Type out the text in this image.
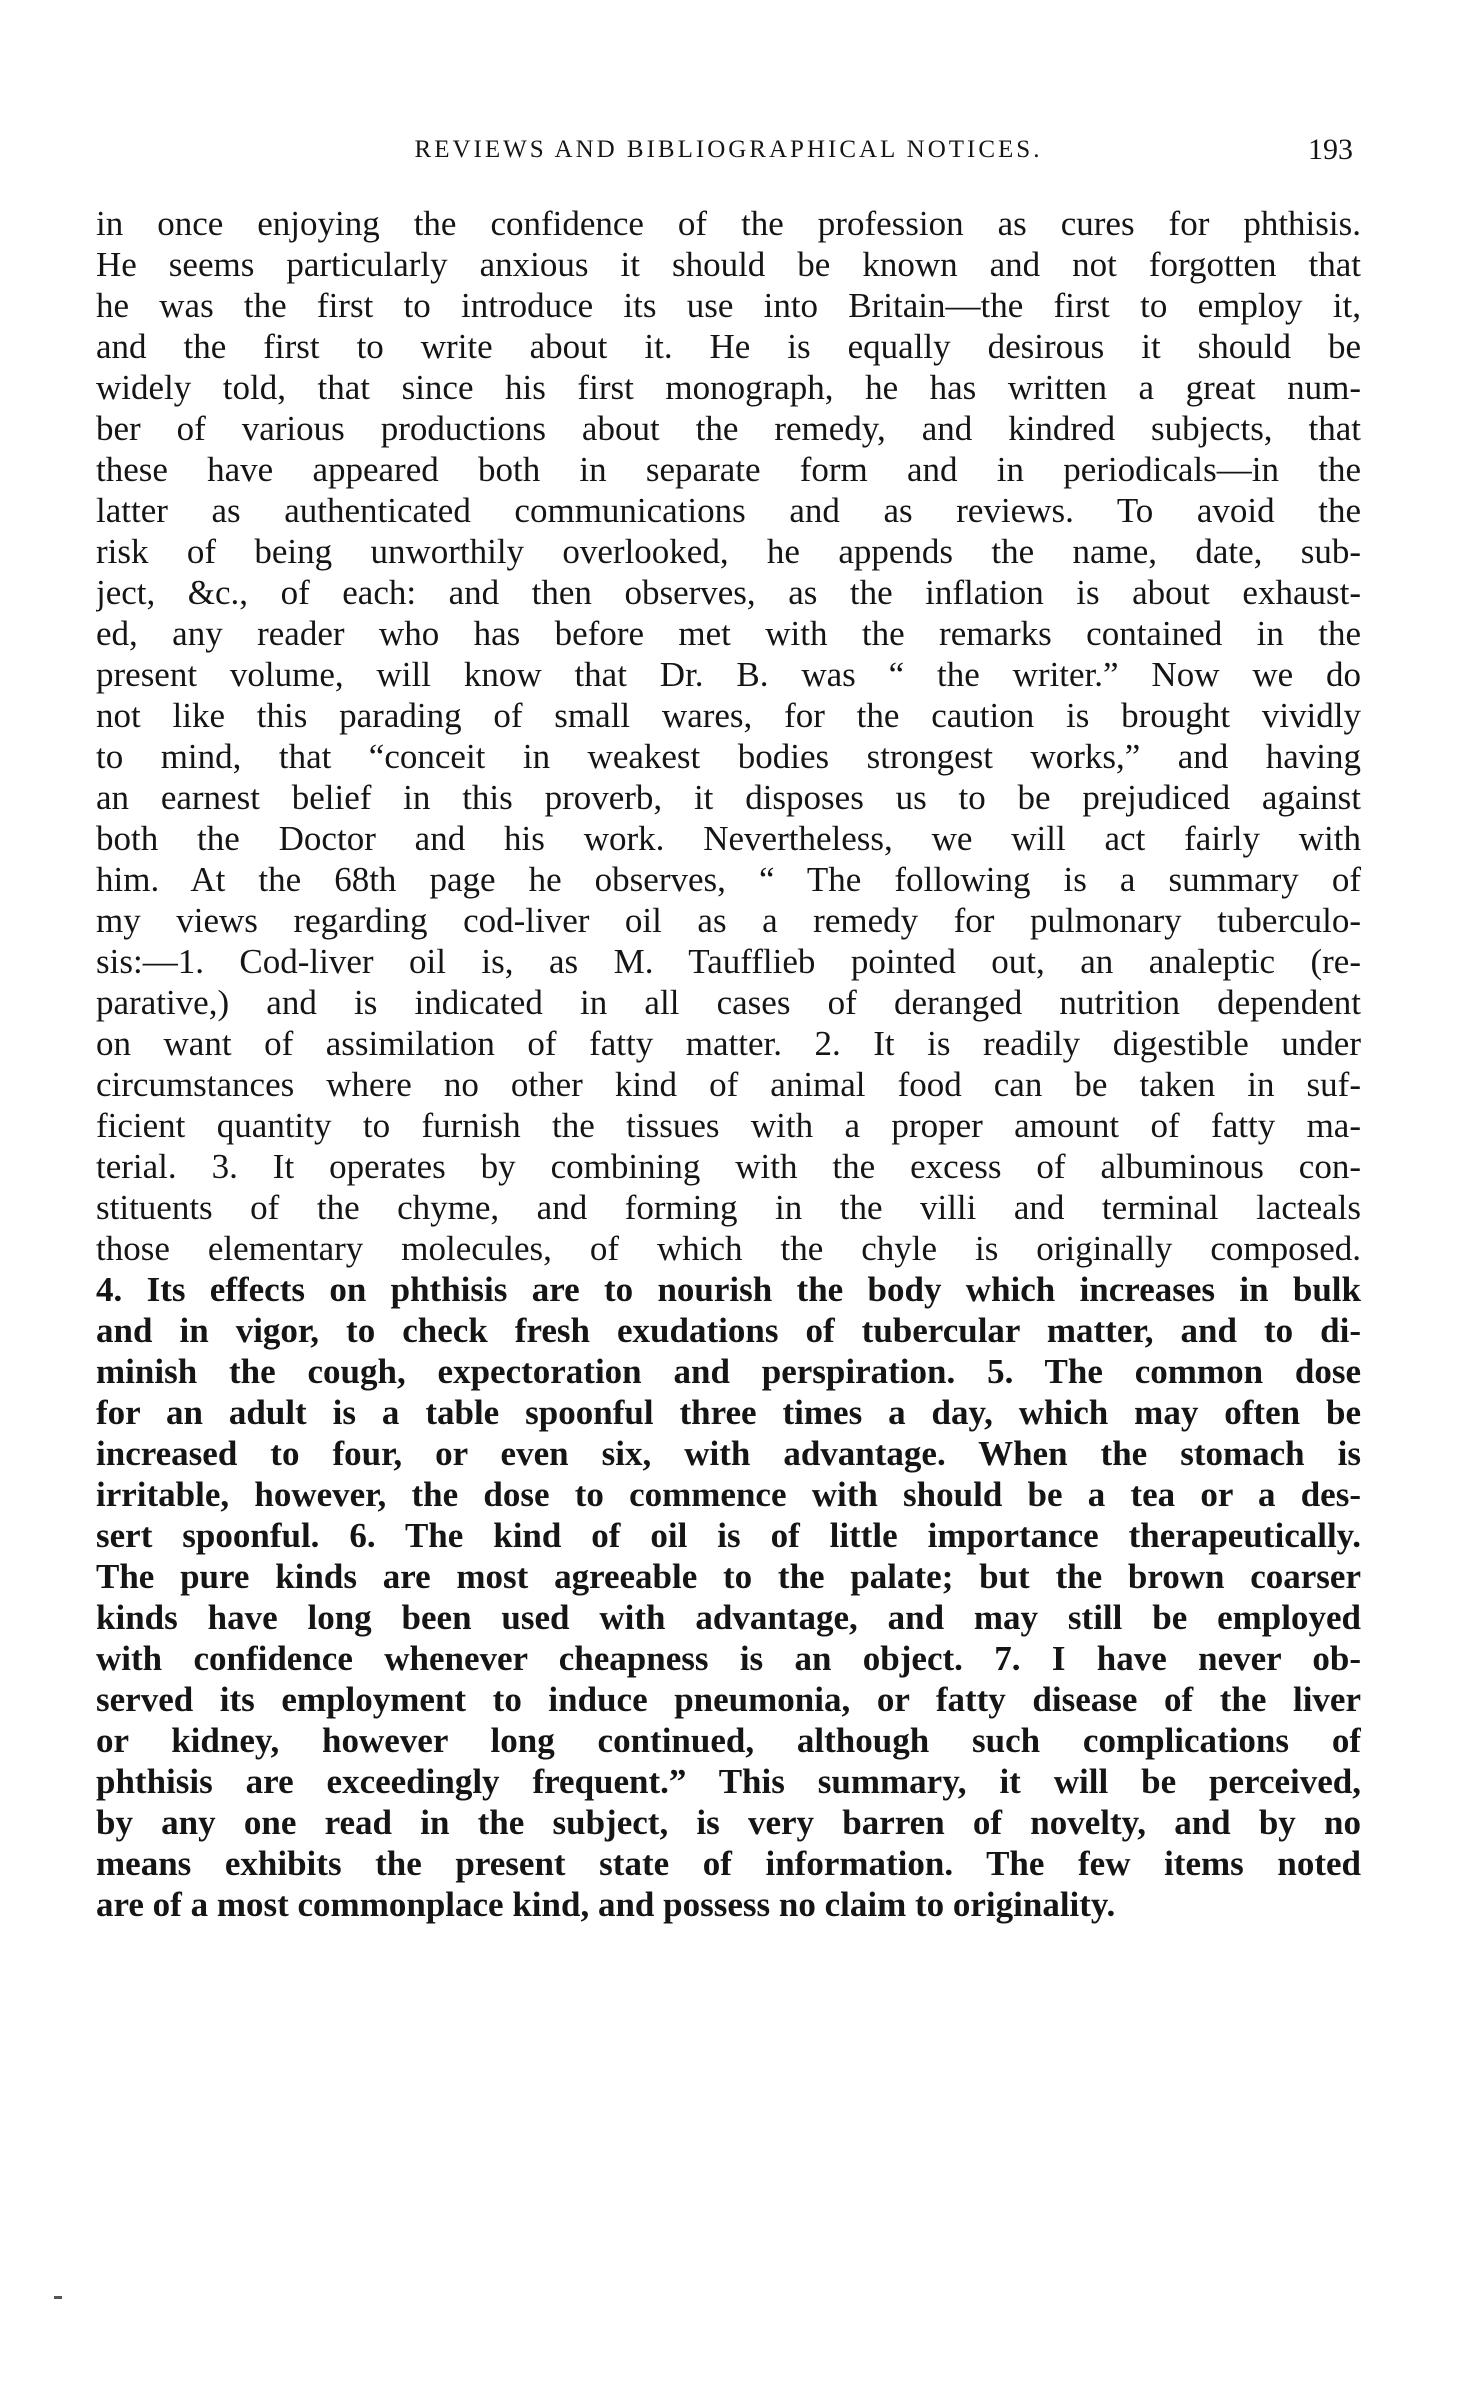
REVIEWS AND BIBLIOGRAPHICAL NOTICES.	193
in once enjoying the confidence of the profession as cures for phthisis.
He seems particularly anxious it should be known and not forgotten that
he was the first to introduce its use into Britain—the first to employ it,
and the first to write about it. He is equally desirous it should be
widely told, that since his first monograph, he has written a great num-
ber of various productions about the remedy, and kindred subjects, that
these have appeared both in separate form and in periodicals—in the
latter as authenticated communications and as reviews. To avoid the
risk of being unworthily overlooked, he appends the name, date, sub-
ject, &c., of each: and then observes, as the inflation is about exhaust-
ed, any reader who has before met with the remarks contained in the
present volume, will know that Dr. B. was “ the writer.” Now we do
not like this parading of small wares, for the caution is brought vividly
to mind, that “conceit in weakest bodies strongest works,” and having
an earnest belief in this proverb, it disposes us to be prejudiced against
both the Doctor and his work. Nevertheless, we will act fairly with
him. At the 68th page he observes, “ The following is a summary of
my views regarding cod-liver oil as a remedy for pulmonary tuberculo-
sis:—1. Cod-liver oil is, as M. Taufflieb pointed out, an analeptic (re-
parative,) and is indicated in all cases of deranged nutrition dependent
on want of assimilation of fatty matter. 2. It is readily digestible under
circumstances where no other kind of animal food can be taken in suf-
ficient quantity to furnish the tissues with a proper amount of fatty ma-
terial. 3. It operates by combining with the excess of albuminous con-
stituents of the chyme, and forming in the villi and terminal lacteals
those elementary molecules, of which the chyle is originally composed.
4. Its effects on phthisis are to nourish the body which increases in bulk
and in vigor, to check fresh exudations of tubercular matter, and to di-
minish the cough, expectoration and perspiration. 5. The common dose
for an adult is a table spoonful three times a day, which may often be
increased to four, or even six, with advantage. When the stomach is
irritable, however, the dose to commence with should be a tea or a des-
sert spoonful. 6. The kind of oil is of little importance therapeutically.
The pure kinds are most agreeable to the palate; but the brown coarser
kinds have long been used with advantage, and may still be employed
with confidence whenever cheapness is an object. 7. I have never ob-
served its employment to induce pneumonia, or fatty disease of the liver
or kidney, however long continued, although such complications of
phthisis are exceedingly frequent.” This summary, it will be perceived,
by any one read in the subject, is very barren of novelty, and by no
means exhibits the present state of information. The few items noted
are of a most commonplace kind, and possess no claim to originality.
